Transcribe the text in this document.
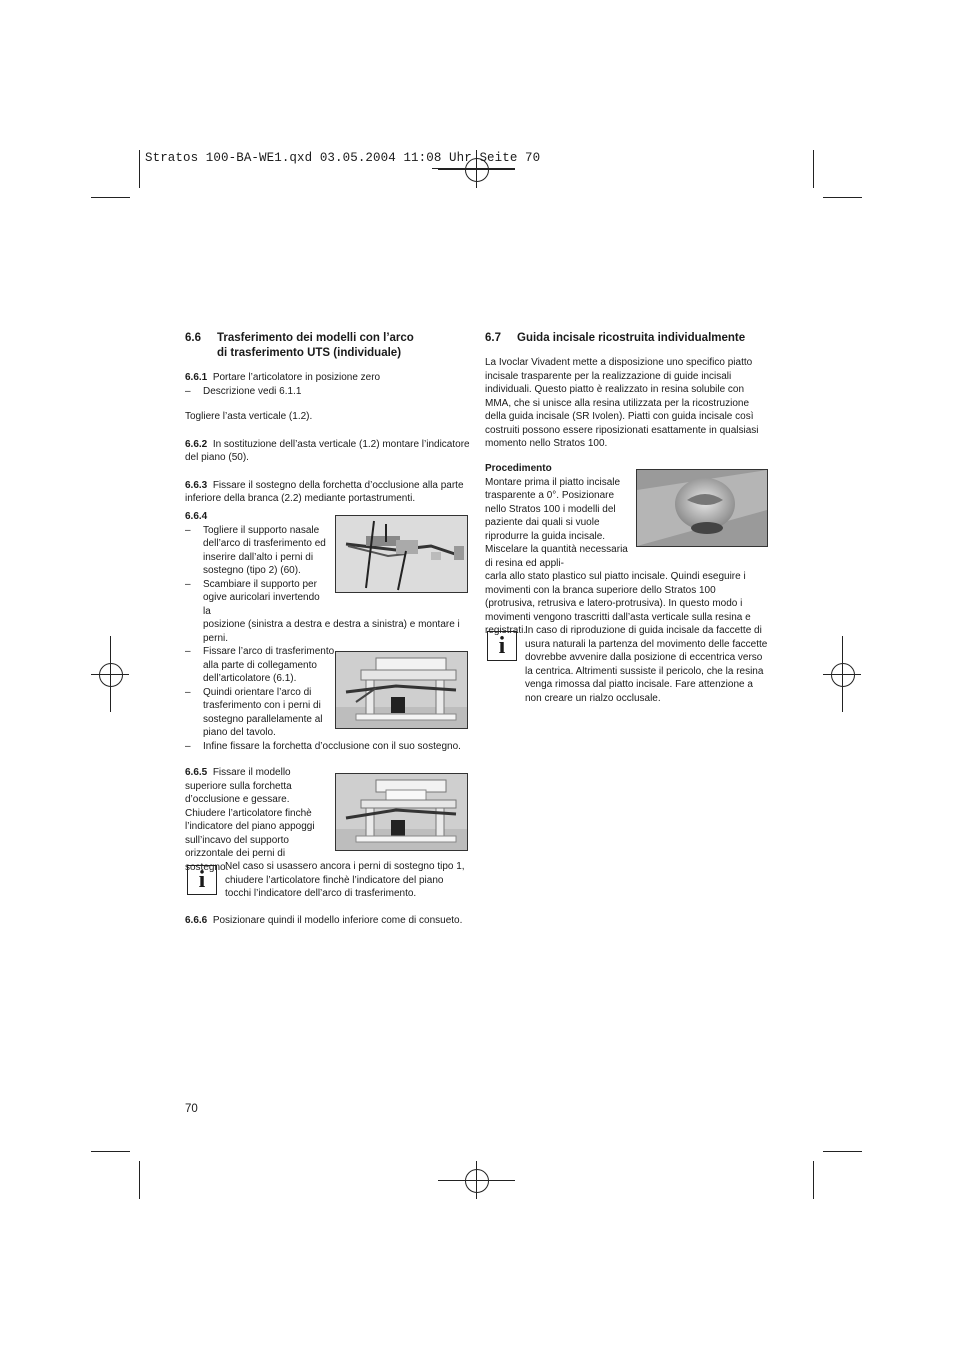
Stratos 100-BA-WE1.qxd 03.05.2004 11:08 Uhr Seite 70
6.6 Trasferimento dei modelli con l’arco
di trasferimento UTS (individuale)

6.6.1 Portare l’articolatore in posizione zero

–	Descrizione vedi 6.1.1

Togliere l’asta verticale (1.2).

6.6.2 In sostituzione dell’asta verticale (1.2) montare l’indicatore del piano (50).

6.6.3 Fissare il sostegno della forchetta d’occlusione alla parte inferiore della branca (2.2) mediante portastrumenti.

6.6.4

–	Togliere il supporto nasale dell’arco di trasferimento ed inserire dall’alto i perni di sostegno (tipo 2) (60).
–	Scambiare il supporto per ogive auricolari invertendo la
posizione (sinistra a destra e destra a sinistra) e montare i perni.
–	Fissare l’arco di trasferimento alla parte di collegamento dell’articolatore (6.1).
–	Quindi orientare l’arco di trasferimento con i perni di sostegno parallelamente al piano del tavolo.
–	Infine fissare la forchetta d’occlusione con il suo sostegno.

6.6.5 Fissare il modello superiore sulla forchetta d’occlusione e gessare. Chiudere l’articolatore finchè l’indicatore del piano appoggi sull’incavo del supporto orizzontale dei perni di sostegno.

i

Nel caso si usassero ancora i perni di sostegno tipo 1, chiudere l’articolatore finchè l’indicatore del piano tocchi l’indicatore dell’arco di trasferimento.

6.6.6 Posizionare quindi il modello inferiore come di consueto.

6.7 Guida incisale ricostruita individualmente

La Ivoclar Vivadent mette a disposizione uno specifico piatto incisale trasparente per la realizzazione di guide incisali individuali. Questo piatto è realizzato in resina solubile con MMA, che si unisce alla resina utilizzata per la ricostruzione della guida incisale (SR Ivolen). Piatti con guida incisale così costruiti possono essere riposizionati esattamente in qualsiasi momento nello Stratos 100.

Procedimento

Montare prima il piatto incisale trasparente a 0°. Posizionare nello Stratos 100 i modelli del paziente dai quali si vuole riprodurre la guida incisale. Miscelare la quantità necessaria di resina ed appli-

carla allo stato plastico sul piatto incisale. Quindi eseguire i movimenti con la branca superiore dello Stratos 100 (protrusiva, retrusiva e latero-protrusiva). In questo modo i movimenti vengono trascritti dall’asta verticale sulla resina e registrati.

i

In caso di riproduzione di guida incisale da faccette di usura naturali la partenza del movimento delle faccette dovrebbe avvenire dalla posizione di eccentrica verso la centrica. Altrimenti sussiste il pericolo, che la resina venga rimossa dal piatto incisale. Fare attenzione a non creare un rialzo occlusale.

70
